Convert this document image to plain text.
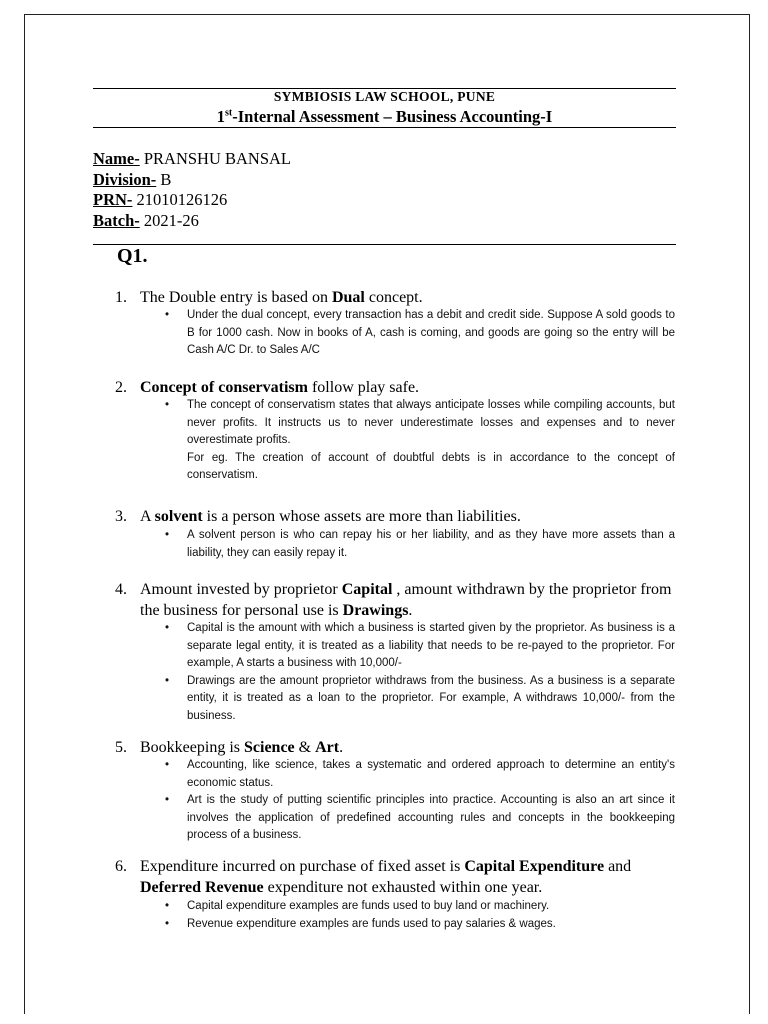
SYMBIOSIS LAW SCHOOL, PUNE
1st-Internal Assessment – Business Accounting-I
Name- PRANSHU BANSAL
Division- B
PRN- 21010126126
Batch- 2021-26
Q1.
1. The Double entry is based on Dual concept.
• Under the dual concept, every transaction has a debit and credit side. Suppose A sold goods to B for 1000 cash. Now in books of A, cash is coming, and goods are going so the entry will be Cash A/C Dr. to Sales A/C
2. Concept of conservatism follow play safe.
• The concept of conservatism states that always anticipate losses while compiling accounts, but never profits. It instructs us to never underestimate losses and expenses and to never overestimate profits.
For eg. The creation of account of doubtful debts is in accordance to the concept of conservatism.
3. A solvent is a person whose assets are more than liabilities.
• A solvent person is who can repay his or her liability, and as they have more assets than a liability, they can easily repay it.
4. Amount invested by proprietor Capital , amount withdrawn by the proprietor from the business for personal use is Drawings.
• Capital is the amount with which a business is started given by the proprietor. As business is a separate legal entity, it is treated as a liability that needs to be re-payed to the proprietor. For example, A starts a business with 10,000/-
• Drawings are the amount proprietor withdraws from the business. As a business is a separate entity, it is treated as a loan to the proprietor. For example, A withdraws 10,000/- from the business.
5. Bookkeeping is Science & Art.
• Accounting, like science, takes a systematic and ordered approach to determine an entity's economic status.
• Art is the study of putting scientific principles into practice. Accounting is also an art since it involves the application of predefined accounting rules and concepts in the bookkeeping process of a business.
6. Expenditure incurred on purchase of fixed asset is Capital Expenditure and Deferred Revenue expenditure not exhausted within one year.
• Capital expenditure examples are funds used to buy land or machinery.
• Revenue expenditure examples are funds used to pay salaries & wages.
